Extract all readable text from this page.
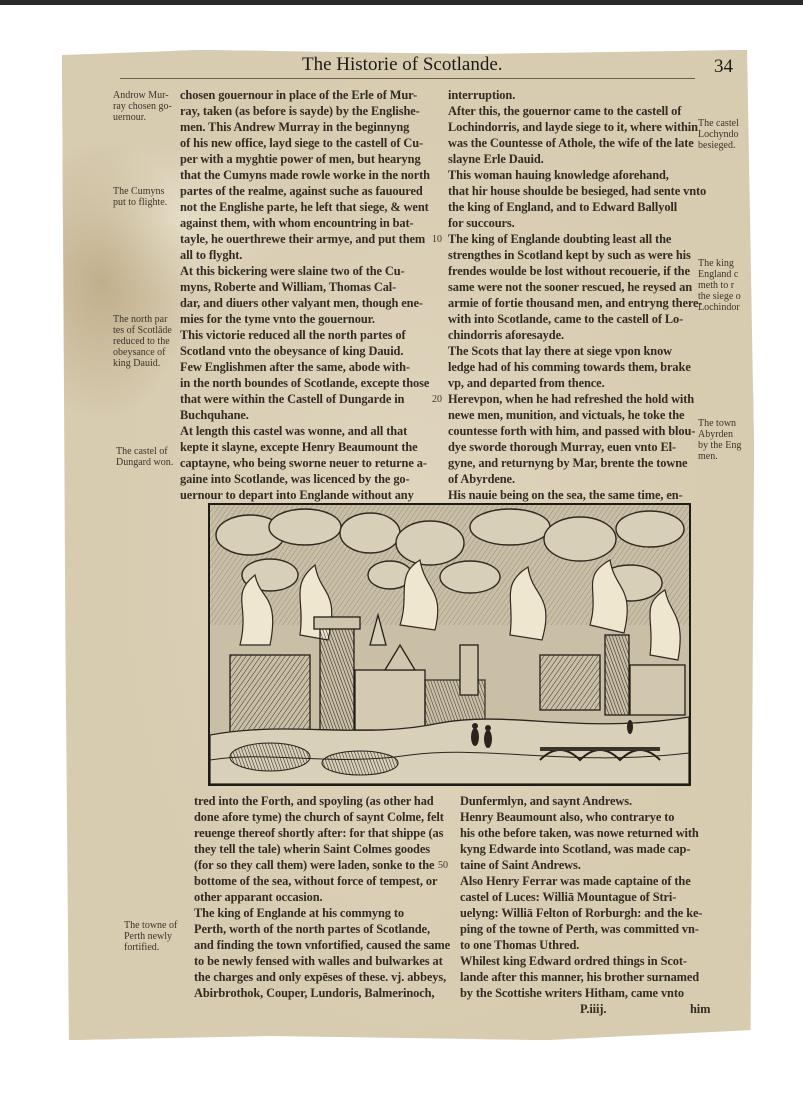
The Historie of Scotlande.	34
chosen gouernour in place of the Erle of Mur-
ray, taken (as before is sayde) by the Englishe-
men. This Andrew Murray in the beginnyng
of his new office, layd siege to the castell of Cu-
per with a myghtie power of men, but hearyng
that the Cumyns made rowle worke in the north
partes of the realme, against suche as fauoured
not the Englishe parte, he left that siege, & went
against them, with whom encountring in bat-
tayle, he ouerthrewe their armye, and put them
all to flyght.
At this bickering were slaine two of the Cu-
myns, Roberte and William, Thomas Cal-
dar, and diuers other valyant men, though ene-
mies for the tyme vnto the gouernour.
This victorie reduced all the north partes of
Scotland vnto the obeysance of king Dauid.
Few Englishmen after the same, abode with-
in the north boundes of Scotlande, excepte those
that were within the Castell of Dungarde in
Buchquhane.
At length this castel was wonne, and all that
kepte it slayne, excepte Henry Beaumount the
captayne, who being sworne neuer to returne a-
gaine into Scotlande, was licenced by the go-
uernour to depart into Englande without any
interruption.
After this, the gouernor came to the castell of
Lochindorris, and layde siege to it, where within
was the Countesse of Athole, the wife of the late
slayne Erle Dauid.
This woman hauing knowledge aforehand,
that hir house shoulde be besieged, had sente vnto
the king of England, and to Edward Ballyoll
for succours.
The king of Englande doubting least all the
strengthes in Scotland kept by such as were his
frendes woulde be lost without recouerie, if the
same were not the sooner rescued, he reysed an
armie of fortie thousand men, and entryng there-
with into Scotlande, came to the castell of Lo-
chindorris aforesayde.
The Scots that lay there at siege vpon know
ledge had of his comming towards them, brake
vp, and departed from thence.
Herevpon, when he had refreshed the hold with
newe men, munition, and victuals, he toke the
countesse forth with him, and passed with blou-
dye sworde thorough Murray, euen vnto El-
gyne, and returnyng by Mar, brente the towne
of Abyrdene.
His nauie being on the sea, the same time, en-
Androw Mur-
ray chosen go-
uernour.
The Cumyns
put to flighte.
The north par
tes of Scotlāde
reduced to the
obeysance of
king Dauid.
The castel of
Dungard won.
The towne of
Perth newly
fortified.
The castel
Lochyndo
besieged.
The king
England c
meth to r
the siege o
Lochindor
The town
Abyrden
by the Eng
men.
10
20
50
tred into the Forth, and spoyling (as other had
done afore tyme) the church of saynt Colme, felt
reuenge thereof shortly after: for that shippe (as
they tell the tale) wherin Saint Colmes goodes
(for so they call them) were laden, sonke to the
bottome of the sea, without force of tempest, or
other apparant occasion.
The king of Englande at his commyng to
Perth, worth of the north partes of Scotlande,
and finding the town vnfortified, caused the same
to be newly fensed with walles and bulwarkes at
the charges and only expēses of these. vj. abbeys,
Abirbrothok, Couper, Lundoris, Balmerinoch,
Dunfermlyn, and saynt Andrews.
Henry Beaumount also, who contrarye to
his othe before taken, was nowe returned with
kyng Edwarde into Scotland, was made cap-
taine of Saint Andrews.
Also Henry Ferrar was made captaine of the
castel of Luces: Williā Mountague of Stri-
uelyng: Williā Felton of Rorburgh: and the ke-
ping of the towne of Perth, was committed vn-
to one Thomas Uthred.
Whilest king Edward ordred things in Scot-
lande after this manner, his brother surnamed
by the Scottishe writers Hitham, came vnto
P.iiij.	him
